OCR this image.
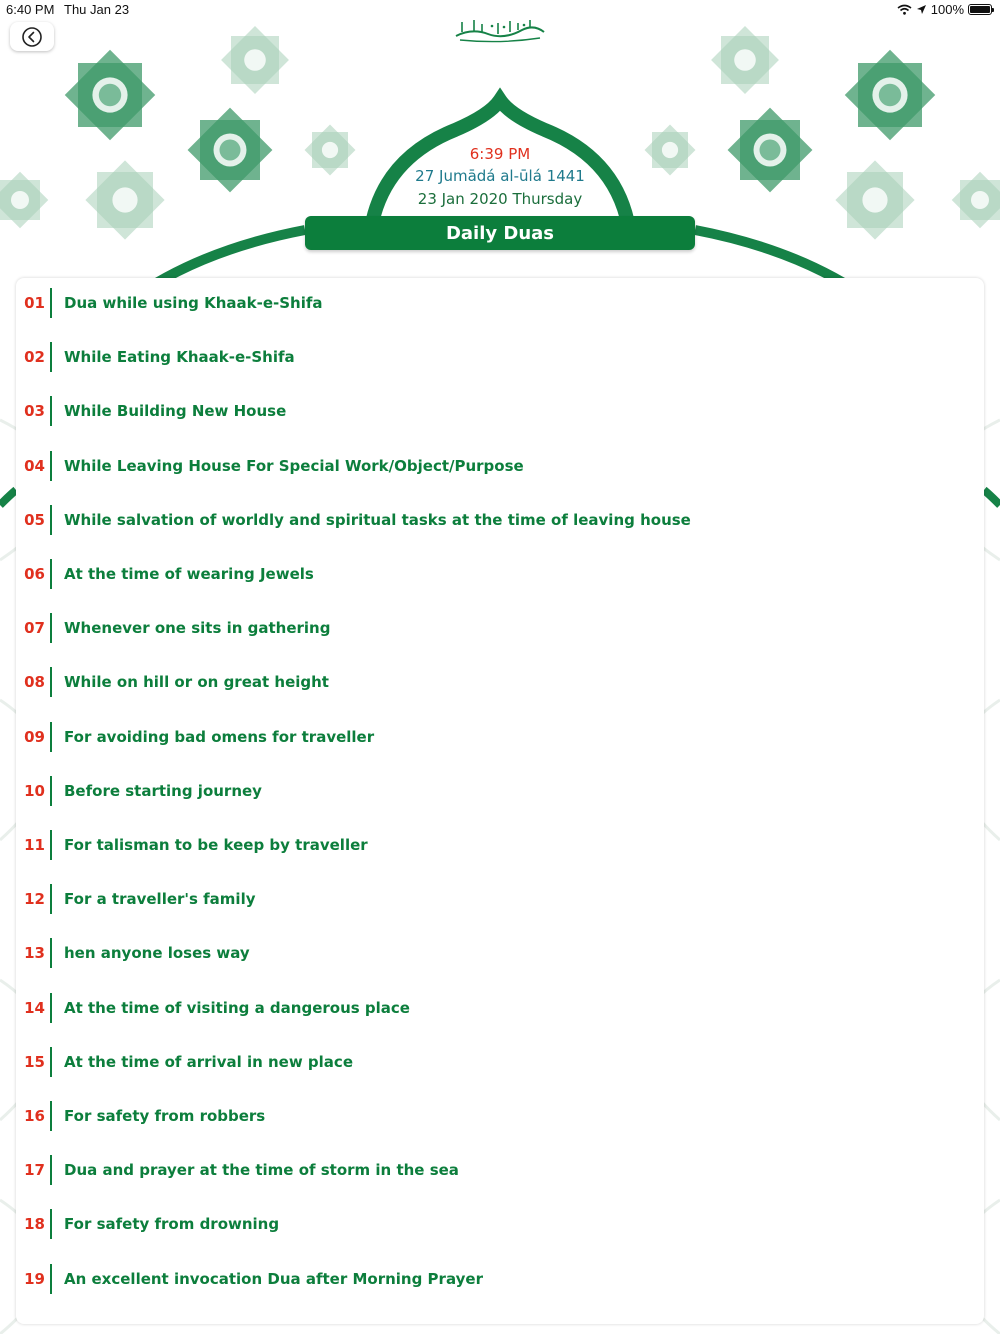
6:40 PM Thu Jan 23	100%
6:39 PM
27 Jumādá al-ūlá 1441
23 Jan 2020 Thursday
Daily Duas
01 Dua while using Khaak-e-Shifa
02 While Eating Khaak-e-Shifa
03 While Building New House
04 While Leaving House For Special Work/Object/Purpose
05 While salvation of worldly and spiritual tasks at the time of leaving house
06 At the time of wearing Jewels
07 Whenever one sits in gathering
08 While on hill or on great height
09 For avoiding bad omens for traveller
10 Before starting journey
11 For talisman to be keep by traveller
12 For a traveller's family
13 hen anyone loses way
14 At the time of visiting a dangerous place
15 At the time of arrival in new place
16 For safety from robbers
17 Dua and prayer at the time of storm in the sea
18 For safety from drowning
19 An excellent invocation Dua after Morning Prayer
